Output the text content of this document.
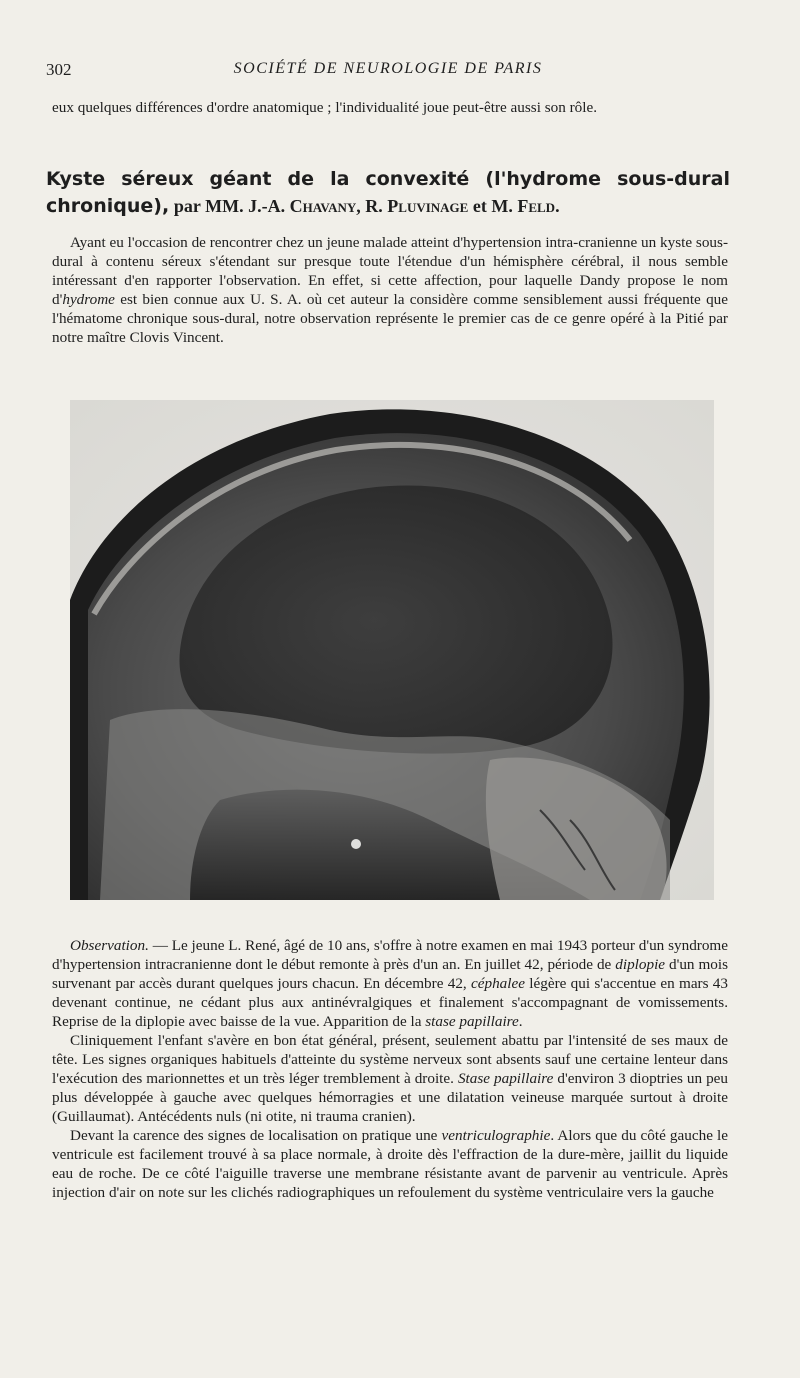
302	SOCIÉTÉ DE NEUROLOGIE DE PARIS

eux quelques différences d'ordre anatomique ; l'individualité joue peut-être aussi son rôle.

Kyste séreux géant de la convexité (l'hydrome sous-dural chronique), par MM. J.-A. Chavany, R. Pluvinage et M. Feld.

Ayant eu l'occasion de rencontrer chez un jeune malade atteint d'hypertension intra-cranienne un kyste sous-dural à contenu séreux s'étendant sur presque toute l'étendue d'un hémisphère cérébral, il nous semble intéressant d'en rapporter l'observation. En effet, si cette affection, pour laquelle Dandy propose le nom d'hydrome est bien connue aux U. S. A. où cet auteur la considère comme sensiblement aussi fréquente que l'hématome chronique sous-dural, notre observation représente le premier cas de ce genre opéré à la Pitié par notre maître Clovis Vincent.

Observation. — Le jeune L. René, âgé de 10 ans, s'offre à notre examen en mai 1943 porteur d'un syndrome d'hypertension intracranienne dont le début remonte à près d'un an. En juillet 42, période de diplopie d'un mois survenant par accès durant quelques jours chacun. En décembre 42, céphalee légère qui s'accentue en mars 43 devenant continue, ne cédant plus aux antinévralgiques et finalement s'accompagnant de vomissements. Reprise de la diplopie avec baisse de la vue. Apparition de la stase papillaire.
Cliniquement l'enfant s'avère en bon état général, présent, seulement abattu par l'intensité de ses maux de tête. Les signes organiques habituels d'atteinte du système nerveux sont absents sauf une certaine lenteur dans l'exécution des marionnettes et un très léger tremblement à droite. Stase papillaire d'environ 3 dioptries un peu plus développée à gauche avec quelques hémorragies et une dilatation veineuse marquée surtout à droite (Guillaumat). Antécédents nuls (ni otite, ni trauma cranien).
Devant la carence des signes de localisation on pratique une ventriculographie. Alors que du côté gauche le ventricule est facilement trouvé à sa place normale, à droite dès l'effraction de la dure-mère, jaillit du liquide eau de roche. De ce côté l'aiguille traverse une membrane résistante avant de parvenir au ventricule. Après injection d'air on note sur les clichés radiographiques un refoulement du système ventriculaire vers la gauche
